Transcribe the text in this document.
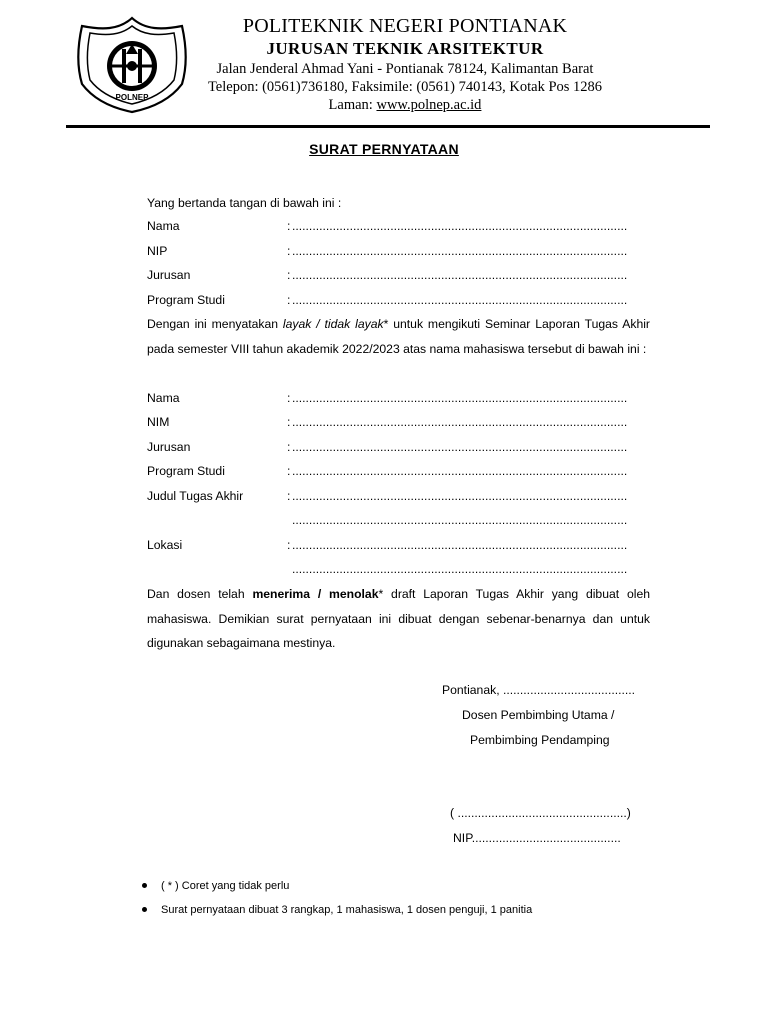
POLNEP
POLITEKNIK NEGERI PONTIANAK
JURUSAN TEKNIK ARSITEKTUR
Jalan Jenderal Ahmad Yani - Pontianak 78124, Kalimantan Barat
Telepon: (0561)736180, Faksimile: (0561) 740143, Kotak Pos 1286
Laman: www.polnep.ac.id
SURAT PERNYATAAN
Yang bertanda tangan di bawah ini :
Nama	: ...................................................................................................
NIP	: ...................................................................................................
Jurusan	: ...................................................................................................
Program Studi	: ...................................................................................................
Dengan ini menyatakan layak / tidak layak* untuk mengikuti Seminar Laporan Tugas Akhir pada semester VIII tahun akademik 2022/2023 atas nama mahasiswa tersebut di bawah ini :
Nama	: ...................................................................................................
NIM	: ...................................................................................................
Jurusan	: ...................................................................................................
Program Studi	: ...................................................................................................
Judul Tugas Akhir	: ...................................................................................................
...................................................................................................
Lokasi	: ...................................................................................................
...................................................................................................
Dan dosen telah menerima / menolak* draft Laporan Tugas Akhir yang dibuat oleh mahasiswa. Demikian surat pernyataan ini dibuat dengan sebenar-benarnya dan untuk digunakan sebagaimana mestinya.
Pontianak, .......................................
Dosen Pembimbing Utama /
Pembimbing Pendamping
( ..................................................)
NIP............................................
( * ) Coret yang tidak perlu
Surat pernyataan dibuat 3 rangkap, 1 mahasiswa, 1 dosen penguji, 1 panitia
